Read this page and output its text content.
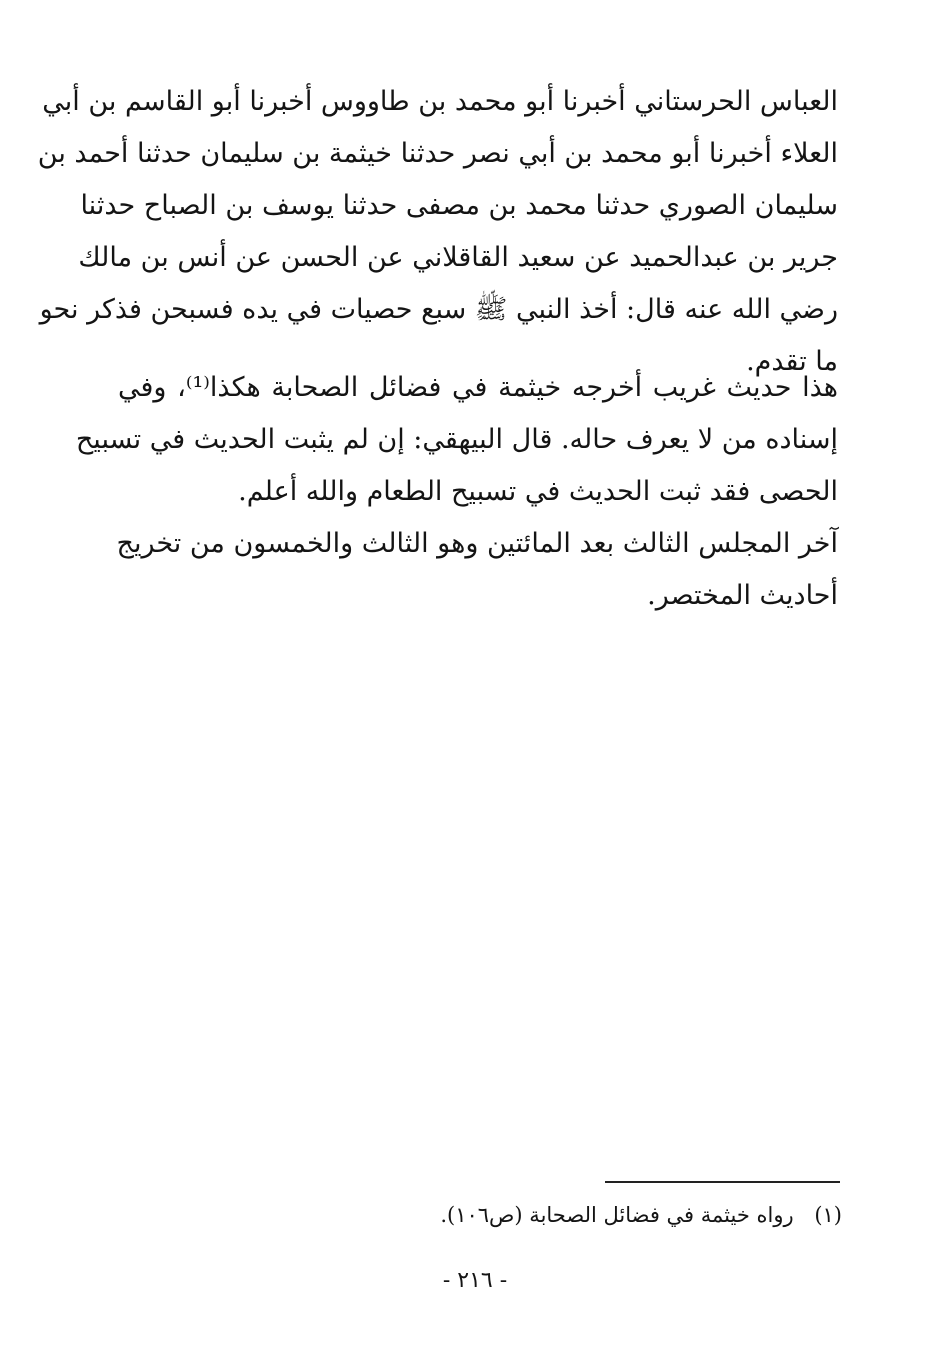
العباس الحرستاني أخبرنا أبو محمد بن طاووس أخبرنا أبو القاسم بن أبي
العلاء أخبرنا أبو محمد بن أبي نصر حدثنا خيثمة بن سليمان حدثنا أحمد بن
سليمان الصوري حدثنا محمد بن مصفى حدثنا يوسف بن الصباح حدثنا
جرير بن عبدالحميد عن سعيد القاقلاني عن الحسن عن أنس بن مالك
رضي الله عنه قال: أخذ النبي ﷺ سبع حصيات في يده فسبحن فذكر نحو
ما تقدم.
هذا حديث غريب أخرجه خيثمة في فضائل الصحابة هكذا⁽¹⁾، وفي
إسناده من لا يعرف حاله. قال البيهقي: إن لم يثبت الحديث في تسبيح
الحصى فقد ثبت الحديث في تسبيح الطعام والله أعلم.
آخر المجلس الثالث بعد المائتين وهو الثالث والخمسون من تخريج
أحاديث المختصر.
(١) رواه خيثمة في فضائل الصحابة (ص١٠٦).
- ٢١٦ -
